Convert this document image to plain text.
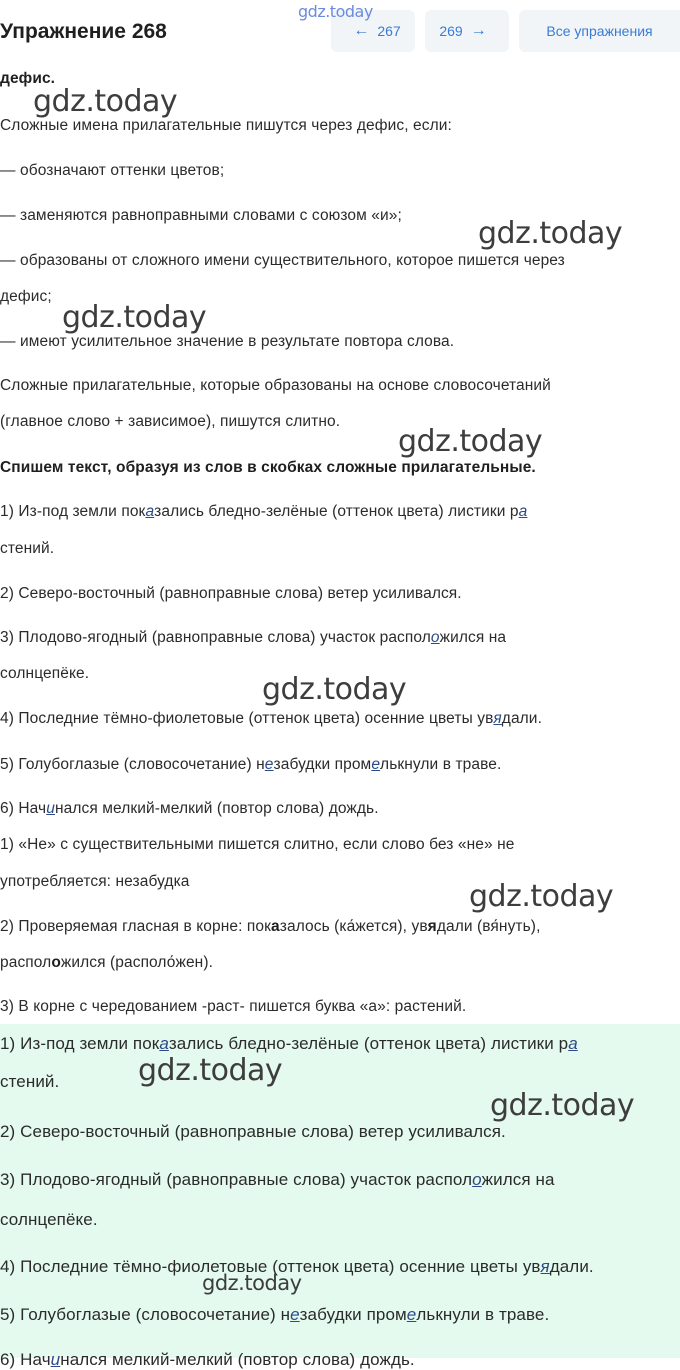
Упражнение 268	← 267	269 →	Все упражнения
дефис.
Сложные имена прилагательные пишутся через дефис, если:
— обозначают оттенки цветов;
— заменяются равноправными словами с союзом «и»;
— образованы от сложного имени существительного, которое пишется через
дефис;
— имеют усилительное значение в результате повтора слова.
Сложные прилагательные, которые образованы на основе словосочетаний
(главное слово + зависимое), пишутся слитно.
Спишем текст, образуя из слов в скобках сложные прилагательные.
1) Из-под земли показались бледно-зелёные (оттенок цвета) листики ра
стений.
2) Северо-восточный (равноправные слова) ветер усиливался.
3) Плодово-ягодный (равноправные слова) участок расположился на
солнцепёке.
4) Последние тёмно-фиолетовые (оттенок цвета) осенние цветы увядали.
5) Голубоглазые (словосочетание) незабудки промелькнули в траве.
6) Начинался мелкий-мелкий (повтор слова) дождь.
1) «Не» с существительными пишется слитно, если слово без «не» не
употребляется: незабудка
2) Проверяемая гласная в корне: показалось (ка́жется), увядали (вя́нуть),
расположился (располо́жен).
3) В корне с чередованием -раст- пишется буква «а»: растений.
1) Из-под земли показались бледно-зелёные (оттенок цвета) листики ра
стений.
2) Северо-восточный (равноправные слова) ветер усиливался.
3) Плодово-ягодный (равноправные слова) участок расположился на
солнцепёке.
4) Последние тёмно-фиолетовые (оттенок цвета) осенние цветы увядали.
5) Голубоглазые (словосочетание) незабудки промелькнули в траве.
6) Начинался мелкий-мелкий (повтор слова) дождь.
gdz.today
gdz.today
gdz.today
gdz.today
gdz.today
gdz.today
gdz.today
gdz.today
gdz.today
gdz.today
